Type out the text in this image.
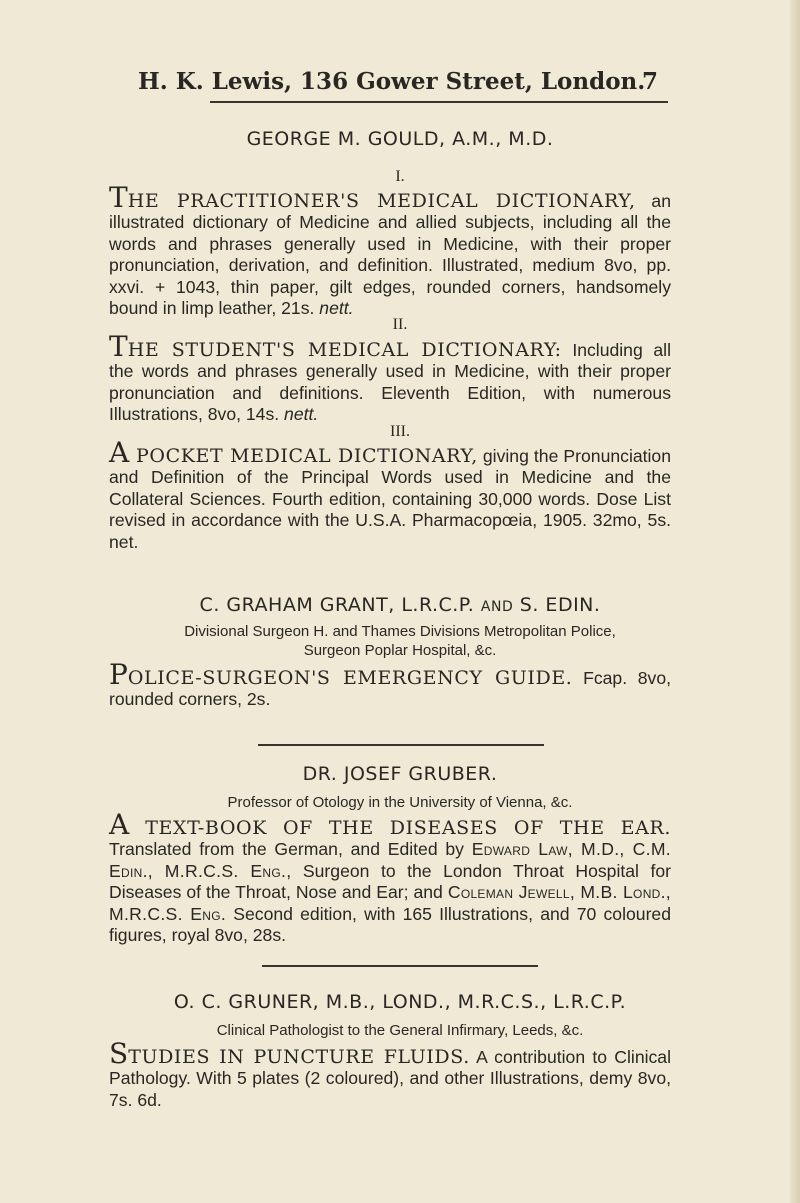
H. K. Lewis, 136 Gower Street, London.
7
GEORGE M. GOULD, A.M., M.D.
I.

THE PRACTITIONER'S MEDICAL DICTIONARY, an illustrated dictionary of Medicine and allied subjects, including all the words and phrases generally used in Medicine, with their proper pronunciation, derivation, and definition. Illustrated, medium 8vo, pp. xxvi. + 1043, thin paper, gilt edges, rounded corners, handsomely bound in limp leather, 21s. nett.

II.

THE STUDENT'S MEDICAL DICTIONARY: Including all the words and phrases generally used in Medicine, with their proper pronunciation and definitions. Eleventh Edition, with numerous Illustrations, 8vo, 14s. nett.

III.

A POCKET MEDICAL DICTIONARY, giving the Pronunciation and Definition of the Principal Words used in Medicine and the Collateral Sciences. Fourth edition, containing 30,000 words. Dose List revised in accordance with the U.S.A. Pharmacopœia, 1905. 32mo, 5s. net.

C. GRAHAM GRANT, L.R.C.P. AND S. EDIN.
Divisional Surgeon H. and Thames Divisions Metropolitan Police,
Surgeon Poplar Hospital, &c.

POLICE-SURGEON'S EMERGENCY GUIDE. Fcap. 8vo, rounded corners, 2s.

DR. JOSEF GRUBER.
Professor of Otology in the University of Vienna, &c.

A TEXT-BOOK OF THE DISEASES OF THE EAR. Translated from the German, and Edited by Edward Law, M.D., C.M. Edin., M.R.C.S. Eng., Surgeon to the London Throat Hospital for Diseases of the Throat, Nose and Ear; and Coleman Jewell, M.B. Lond., M.R.C.S. Eng. Second edition, with 165 Illustrations, and 70 coloured figures, royal 8vo, 28s.

O. C. GRUNER, M.B., LOND., M.R.C.S., L.R.C.P.
Clinical Pathologist to the General Infirmary, Leeds, &c.

STUDIES IN PUNCTURE FLUIDS. A contribution to Clinical Pathology. With 5 plates (2 coloured), and other Illustrations, demy 8vo, 7s. 6d.
